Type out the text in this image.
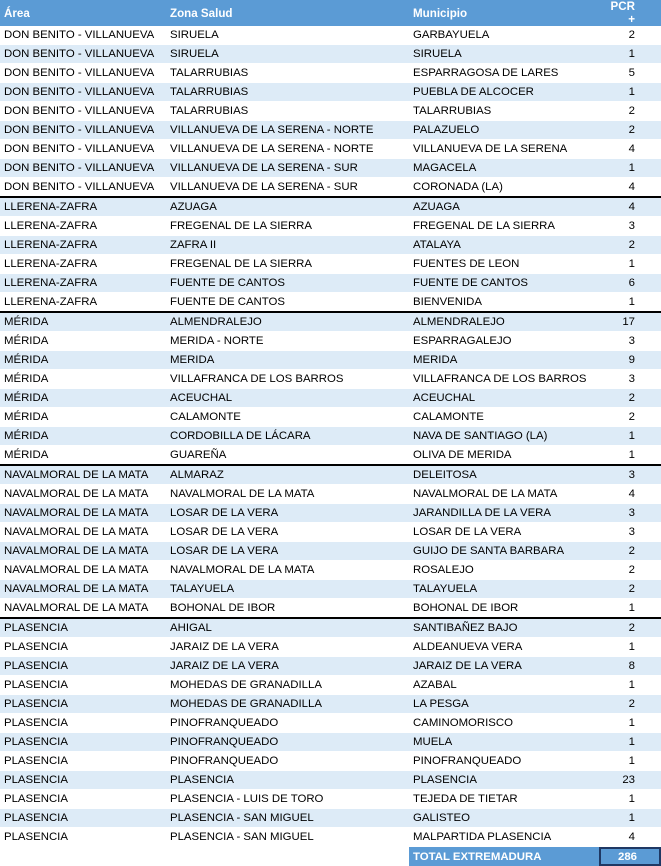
Área	Zona Salud	Municipio	PCR +
DON BENITO - VILLANUEVA	SIRUELA	GARBAYUELA	2
DON BENITO - VILLANUEVA	SIRUELA	SIRUELA	1
DON BENITO - VILLANUEVA	TALARRUBIAS	ESPARRAGOSA DE LARES	5
DON BENITO - VILLANUEVA	TALARRUBIAS	PUEBLA DE ALCOCER	1
DON BENITO - VILLANUEVA	TALARRUBIAS	TALARRUBIAS	2
DON BENITO - VILLANUEVA	VILLANUEVA DE LA SERENA - NORTE	PALAZUELO	2
DON BENITO - VILLANUEVA	VILLANUEVA DE LA SERENA - NORTE	VILLANUEVA DE LA SERENA	4
DON BENITO - VILLANUEVA	VILLANUEVA DE LA SERENA - SUR	MAGACELA	1
DON BENITO - VILLANUEVA	VILLANUEVA DE LA SERENA - SUR	CORONADA (LA)	4
LLERENA-ZAFRA	AZUAGA	AZUAGA	4
LLERENA-ZAFRA	FREGENAL DE LA SIERRA	FREGENAL DE LA SIERRA	3
LLERENA-ZAFRA	ZAFRA II	ATALAYA	2
LLERENA-ZAFRA	FREGENAL DE LA SIERRA	FUENTES DE LEON	1
LLERENA-ZAFRA	FUENTE DE CANTOS	FUENTE DE CANTOS	6
LLERENA-ZAFRA	FUENTE DE CANTOS	BIENVENIDA	1
MÉRIDA	ALMENDRALEJO	ALMENDRALEJO	17
MÉRIDA	MERIDA - NORTE	ESPARRAGALEJO	3
MÉRIDA	MERIDA	MERIDA	9
MÉRIDA	VILLAFRANCA DE LOS BARROS	VILLAFRANCA DE LOS BARROS	3
MÉRIDA	ACEUCHAL	ACEUCHAL	2
MÉRIDA	CALAMONTE	CALAMONTE	2
MÉRIDA	CORDOBILLA DE LÁCARA	NAVA DE SANTIAGO (LA)	1
MÉRIDA	GUAREÑA	OLIVA DE MERIDA	1
NAVALMORAL DE LA MATA	ALMARAZ	DELEITOSA	3
NAVALMORAL DE LA MATA	NAVALMORAL DE LA MATA	NAVALMORAL DE LA MATA	4
NAVALMORAL DE LA MATA	LOSAR DE LA VERA	JARANDILLA DE LA VERA	3
NAVALMORAL DE LA MATA	LOSAR DE LA VERA	LOSAR DE LA VERA	3
NAVALMORAL DE LA MATA	LOSAR DE LA VERA	GUIJO DE SANTA BARBARA	2
NAVALMORAL DE LA MATA	NAVALMORAL DE LA MATA	ROSALEJO	2
NAVALMORAL DE LA MATA	TALAYUELA	TALAYUELA	2
NAVALMORAL DE LA MATA	BOHONAL DE IBOR	BOHONAL DE IBOR	1
PLASENCIA	AHIGAL	SANTIBAÑEZ BAJO	2
PLASENCIA	JARAIZ DE LA VERA	ALDEANUEVA VERA	1
PLASENCIA	JARAIZ DE LA VERA	JARAIZ DE LA VERA	8
PLASENCIA	MOHEDAS DE GRANADILLA	AZABAL	1
PLASENCIA	MOHEDAS DE GRANADILLA	LA PESGA	2
PLASENCIA	PINOFRANQUEADO	CAMINOMORISCO	1
PLASENCIA	PINOFRANQUEADO	MUELA	1
PLASENCIA	PINOFRANQUEADO	PINOFRANQUEADO	1
PLASENCIA	PLASENCIA	PLASENCIA	23
PLASENCIA	PLASENCIA - LUIS DE TORO	TEJEDA DE TIETAR	1
PLASENCIA	PLASENCIA - SAN MIGUEL	GALISTEO	1
PLASENCIA	PLASENCIA - SAN MIGUEL	MALPARTIDA PLASENCIA	4
		TOTAL EXTREMADURA	286
